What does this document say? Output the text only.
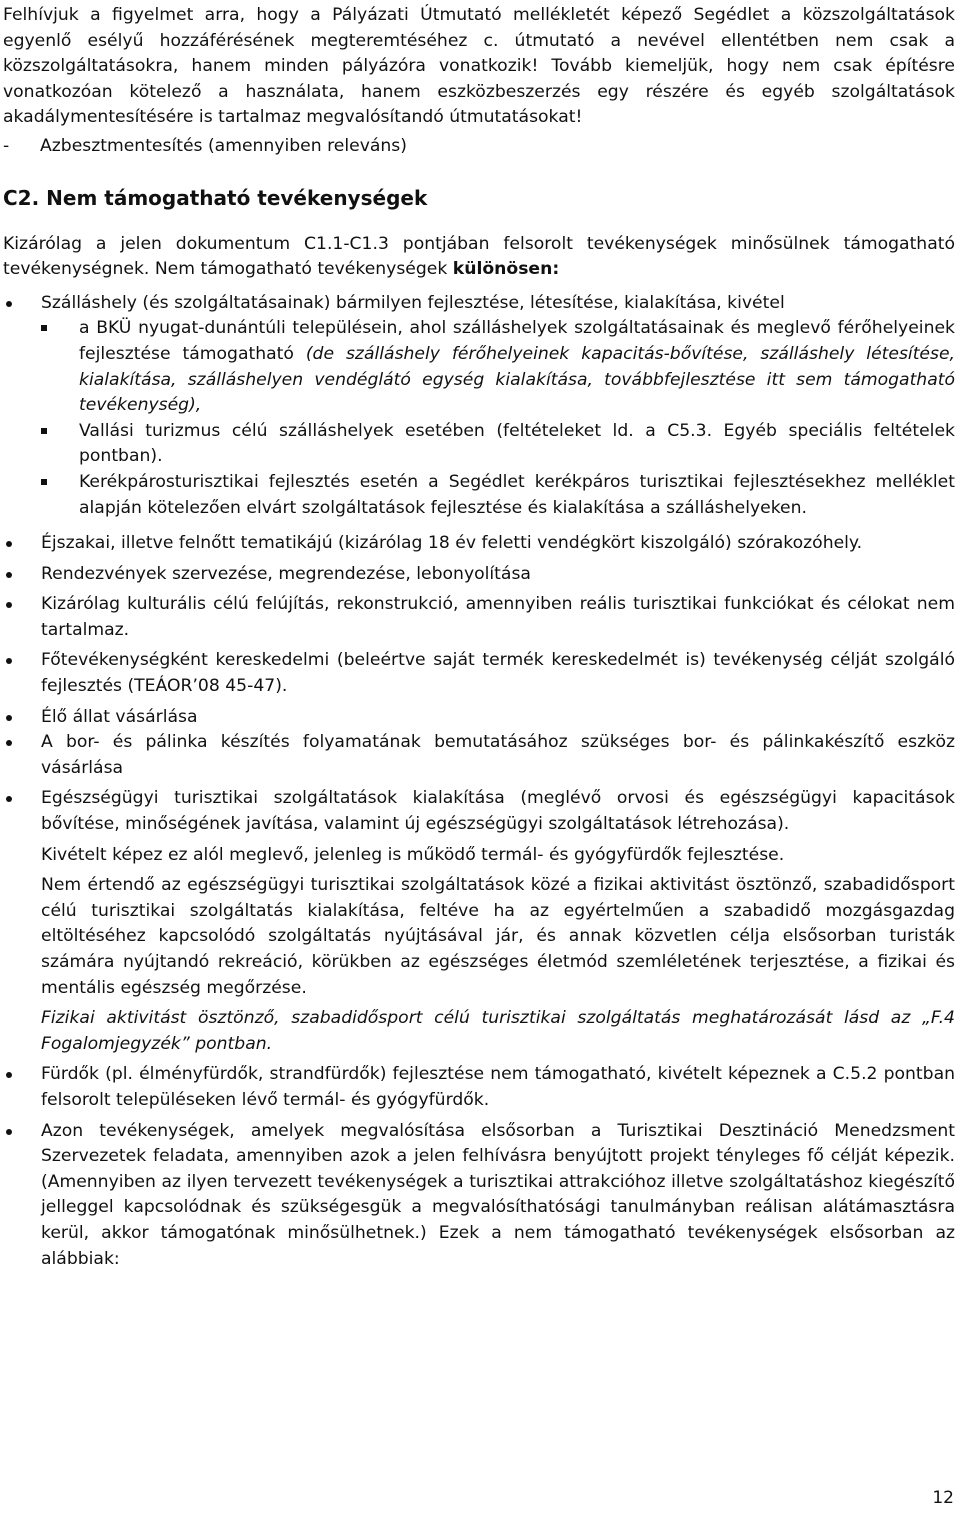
Felhívjuk a figyelmet arra, hogy a Pályázati Útmutató mellékletét képező Segédlet a közszolgáltatások egyenlő esélyű hozzáférésének megteremtéséhez c. útmutató a nevével ellentétben nem csak a közszolgáltatásokra, hanem minden pályázóra vonatkozik! Tovább kiemeljük, hogy nem csak építésre vonatkozóan kötelező a használata, hanem eszközbeszerzés egy részére és egyéb szolgáltatások akadálymentesítésére is tartalmaz megvalósítandó útmutatásokat!

- Azbesztmentesítés (amennyiben releváns)

C2. Nem támogatható tevékenységek

Kizárólag a jelen dokumentum C1.1-C1.3 pontjában felsorolt tevékenységek minősülnek támogatható tevékenységnek. Nem támogatható tevékenységek különösen:

Szálláshely (és szolgáltatásainak) bármilyen fejlesztése, létesítése, kialakítása, kivétel
a BKÜ nyugat-dunántúli településein, ahol szálláshelyek szolgáltatásainak és meglevő férőhelyeinek fejlesztése támogatható (de szálláshely férőhelyeinek kapacitás-bővítése, szálláshely létesítése, kialakítása, szálláshelyen vendéglátó egység kialakítása, továbbfejlesztése itt sem támogatható tevékenység),
Vallási turizmus célú szálláshelyek esetében (feltételeket ld. a C5.3. Egyéb speciális feltételek pontban).
Kerékpárosturisztikai fejlesztés esetén a Segédlet kerékpáros turisztikai fejlesztésekhez melléklet alapján kötelezően elvárt szolgáltatások fejlesztése és kialakítása a szálláshelyeken.
Éjszakai, illetve felnőtt tematikájú (kizárólag 18 év feletti vendégkört kiszolgáló) szórakozóhely.
Rendezvények szervezése, megrendezése, lebonyolítása
Kizárólag kulturális célú felújítás, rekonstrukció, amennyiben reális turisztikai funkciókat és célokat nem tartalmaz.
Főtevékenységként kereskedelmi (beleértve saját termék kereskedelmét is) tevékenység célját szolgáló fejlesztés (TEÁOR’08 45-47).
Élő állat vásárlása
A bor- és pálinka készítés folyamatának bemutatásához szükséges bor- és pálinkakészítő eszköz vásárlása
Egészségügyi turisztikai szolgáltatások kialakítása (meglévő orvosi és egészségügyi kapacitások bővítése, minőségének javítása, valamint új egészségügyi szolgáltatások létrehozása).

Kivételt képez ez alól meglevő, jelenleg is működő termál- és gyógyfürdők fejlesztése.

Nem értendő az egészségügyi turisztikai szolgáltatások közé a fizikai aktivitást ösztönző, szabadidősport célú turisztikai szolgáltatás kialakítása, feltéve ha az egyértelműen a szabadidő mozgásgazdag eltöltéséhez kapcsolódó szolgáltatás nyújtásával jár, és annak közvetlen célja elsősorban turisták számára nyújtandó rekreáció, körükben az egészséges életmód szemléletének terjesztése, a fizikai és mentális egészség megőrzése.

Fizikai aktivitást ösztönző, szabadidősport célú turisztikai szolgáltatás meghatározását lásd az „F.4 Fogalomjegyzék” pontban.

Fürdők (pl. élményfürdők, strandfürdők) fejlesztése nem támogatható, kivételt képeznek a C.5.2 pontban felsorolt településeken lévő termál- és gyógyfürdők.
Azon tevékenységek, amelyek megvalósítása elsősorban a Turisztikai Desztináció Menedzsment Szervezetek feladata, amennyiben azok a jelen felhívásra benyújtott projekt tényleges fő célját képezik. (Amennyiben az ilyen tervezett tevékenységek a turisztikai attrakcióhoz illetve szolgáltatáshoz kiegészítő jelleggel kapcsolódnak és szükségesgük a megvalósíthatósági tanulmányban reálisan alátámasztásra kerül, akkor támogatónak minősülhetnek.) Ezek a nem támogatható tevékenységek elsősorban az alábbiak:
12
